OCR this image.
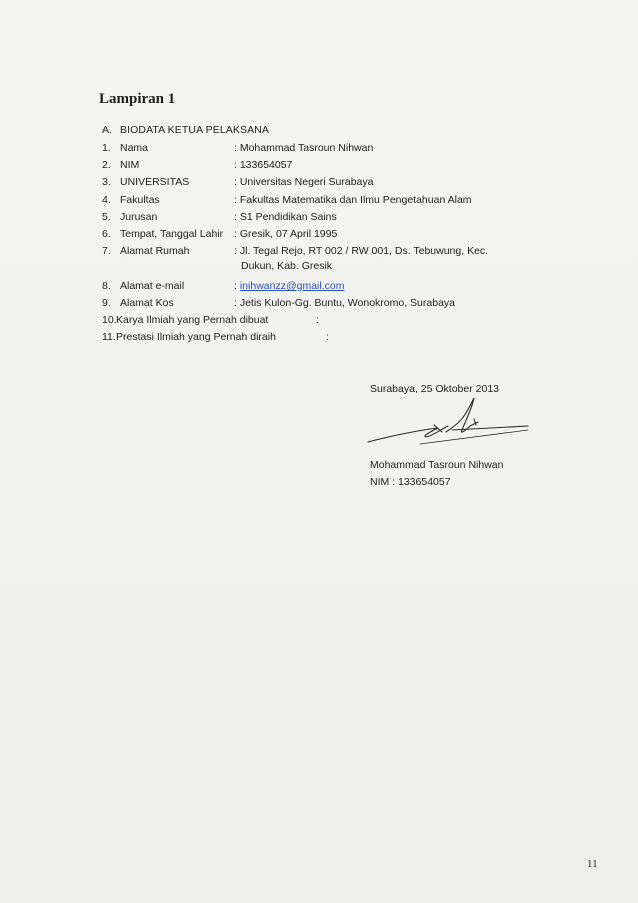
Lampiran 1
A. BIODATA KETUA PELAKSANA
1. Nama	: Mohammad Tasroun Nihwan
2. NIM	: 133654057
3. UNIVERSITAS	: Universitas Negeri Surabaya
4. Fakultas	: Fakultas Matematika dan Ilmu Pengetahuan Alam
5. Jurusan	: S1 Pendidikan Sains
6. Tempat, Tanggal Lahir : Gresik, 07 April 1995
7. Alamat Rumah	: Jl. Tegal Rejo, RT 002 / RW 001, Ds. Tebuwung, Kec.
Dukun, Kab. Gresik
8. Alamat e-mail	: inihwanzz@gmail.com
9. Alamat Kos	: Jetis Kulon-Gg. Buntu, Wonokromo, Surabaya
10. Karya Ilmiah yang Pernah dibuat	:
11. Prestasi Ilmiah yang Pernah diraih	:
Surabaya, 25 Oktober 2013
Mohammad Tasroun Nihwan
NIM : 133654057
11
